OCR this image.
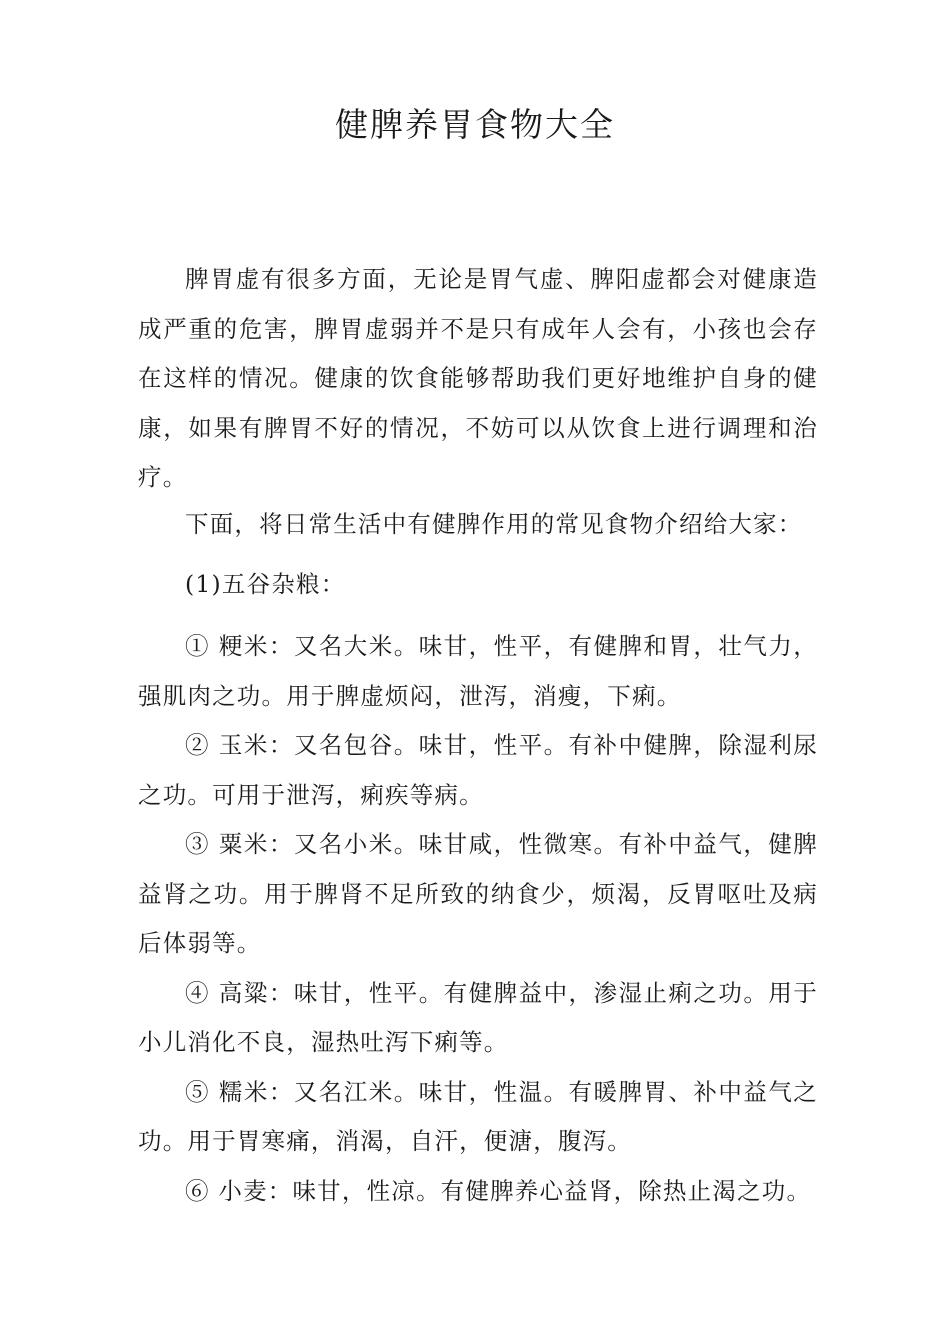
健脾养胃食物大全

脾胃虚有很多方面，无论是胃气虚、脾阳虚都会对健康造成严重的危害，脾胃虚弱并不是只有成年人会有，小孩也会存在这样的情况。健康的饮食能够帮助我们更好地维护自身的健康，如果有脾胃不好的情况，不妨可以从饮食上进行调理和治疗。

下面，将日常生活中有健脾作用的常见食物介绍给大家：

(1)五谷杂粮：

① 粳米：又名大米。味甘，性平，有健脾和胃，壮气力，强肌肉之功。用于脾虚烦闷，泄泻，消瘦，下痢。

② 玉米：又名包谷。味甘，性平。有补中健脾，除湿利尿之功。可用于泄泻，痢疾等病。

③ 粟米：又名小米。味甘咸，性微寒。有补中益气，健脾益肾之功。用于脾肾不足所致的纳食少，烦渴，反胃呕吐及病后体弱等。

④ 高粱：味甘，性平。有健脾益中，渗湿止痢之功。用于小儿消化不良，湿热吐泻下痢等。

⑤ 糯米：又名江米。味甘，性温。有暖脾胃、补中益气之功。用于胃寒痛，消渴，自汗，便溏，腹泻。

⑥ 小麦：味甘，性凉。有健脾养心益肾，除热止渴之功。
